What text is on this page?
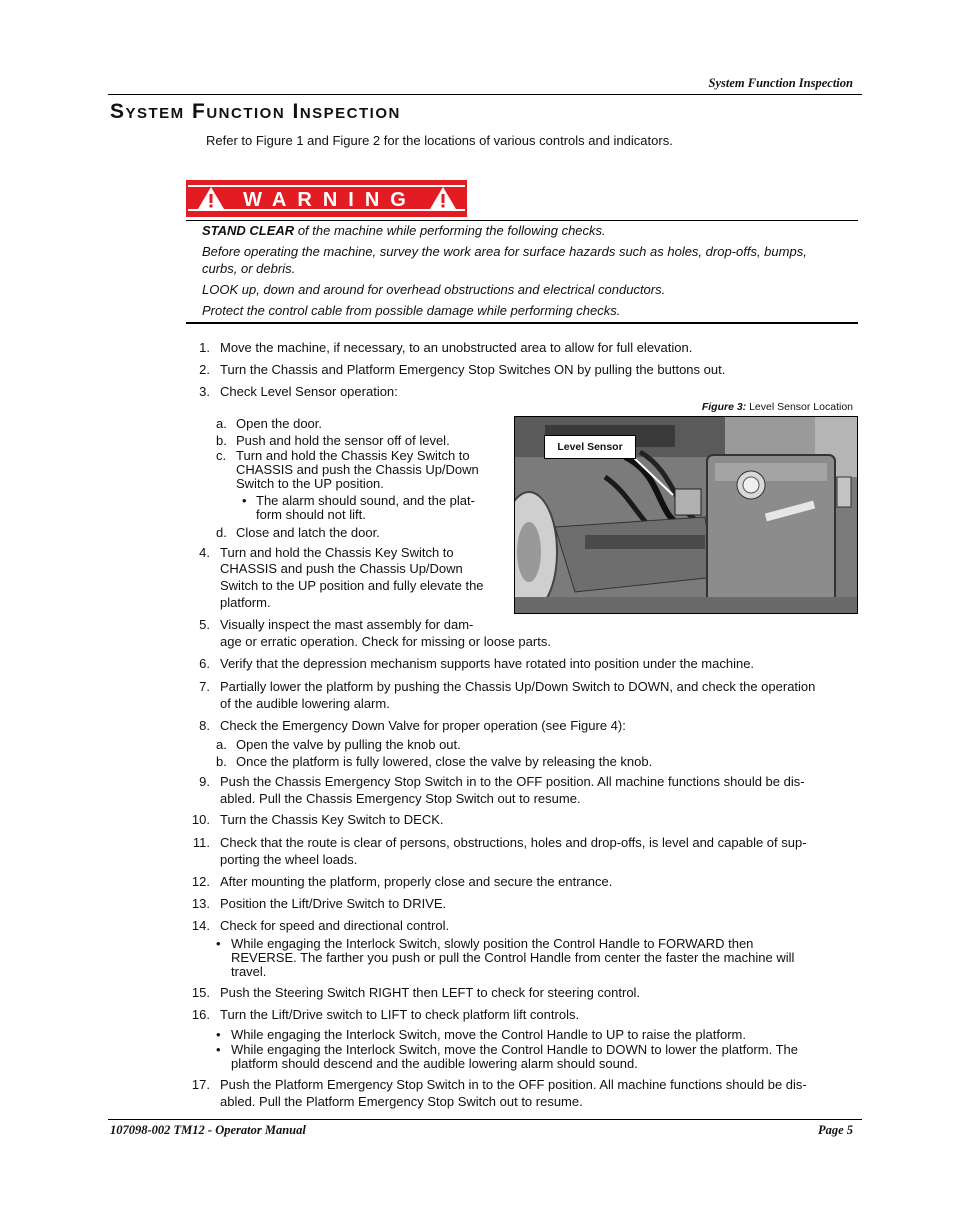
System Function Inspection
System Function Inspection
Refer to Figure 1 and Figure 2 for the locations of various controls and indicators.
WARNING
STAND CLEAR of the machine while performing the following checks.
Before operating the machine, survey the work area for surface hazards such as holes, drop-offs, bumps,
curbs, or debris.
LOOK up, down and around for overhead obstructions and electrical conductors.
Protect the control cable from possible damage while performing checks.
1. Move the machine, if necessary, to an unobstructed area to allow for full elevation.
2. Turn the Chassis and Platform Emergency Stop Switches ON by pulling the buttons out.
3. Check Level Sensor operation:
a. Open the door.
b. Push and hold the sensor off of level.
c. Turn and hold the Chassis Key Switch to
CHASSIS and push the Chassis Up/Down
Switch to the UP position.
• The alarm should sound, and the plat-
form should not lift.
d. Close and latch the door.
4. Turn and hold the Chassis Key Switch to
CHASSIS and push the Chassis Up/Down
Switch to the UP position and fully elevate the
platform.
Figure 3: Level Sensor Location
Level Sensor
5. Visually inspect the mast assembly for dam-
age or erratic operation. Check for missing or loose parts.
6. Verify that the depression mechanism supports have rotated into position under the machine.
7. Partially lower the platform by pushing the Chassis Up/Down Switch to DOWN, and check the operation
of the audible lowering alarm.
8. Check the Emergency Down Valve for proper operation (see Figure 4):
a. Open the valve by pulling the knob out.
b. Once the platform is fully lowered, close the valve by releasing the knob.
9. Push the Chassis Emergency Stop Switch in to the OFF position. All machine functions should be dis-
abled. Pull the Chassis Emergency Stop Switch out to resume.
10. Turn the Chassis Key Switch to DECK.
11. Check that the route is clear of persons, obstructions, holes and drop-offs, is level and capable of sup-
porting the wheel loads.
12. After mounting the platform, properly close and secure the entrance.
13. Position the Lift/Drive Switch to DRIVE.
14. Check for speed and directional control.
• While engaging the Interlock Switch, slowly position the Control Handle to FORWARD then
REVERSE. The farther you push or pull the Control Handle from center the faster the machine will
travel.
15. Push the Steering Switch RIGHT then LEFT to check for steering control.
16. Turn the Lift/Drive switch to LIFT to check platform lift controls.
• While engaging the Interlock Switch, move the Control Handle to UP to raise the platform.
• While engaging the Interlock Switch, move the Control Handle to DOWN to lower the platform. The
platform should descend and the audible lowering alarm should sound.
17. Push the Platform Emergency Stop Switch in to the OFF position. All machine functions should be dis-
abled. Pull the Platform Emergency Stop Switch out to resume.
107098-002 TM12 - Operator Manual	Page 5
